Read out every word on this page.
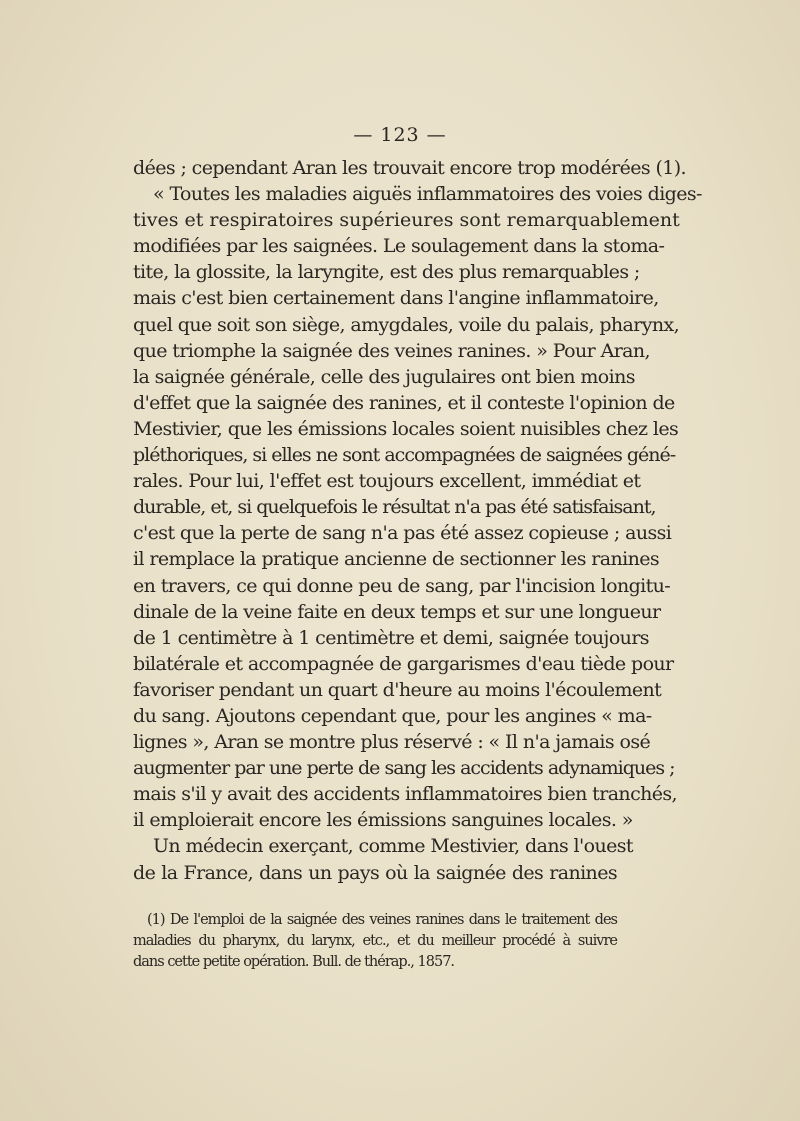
— 123 —
dées ; cependant Aran les trouvait encore trop modérées (1).
« Toutes les maladies aiguës inflammatoires des voies diges-
tives et respiratoires supérieures sont remarquablement
modifiées par les saignées. Le soulagement dans la stoma-
tite, la glossite, la laryngite, est des plus remarquables ;
mais c'est bien certainement dans l'angine inflammatoire,
quel que soit son siège, amygdales, voile du palais, pharynx,
que triomphe la saignée des veines ranines. » Pour Aran,
la saignée générale, celle des jugulaires ont bien moins
d'effet que la saignée des ranines, et il conteste l'opinion de
Mestivier, que les émissions locales soient nuisibles chez les
pléthoriques, si elles ne sont accompagnées de saignées géné-
rales. Pour lui, l'effet est toujours excellent, immédiat et
durable, et, si quelquefois le résultat n'a pas été satisfaisant,
c'est que la perte de sang n'a pas été assez copieuse ; aussi
il remplace la pratique ancienne de sectionner les ranines
en travers, ce qui donne peu de sang, par l'incision longitu-
dinale de la veine faite en deux temps et sur une longueur
de 1 centimètre à 1 centimètre et demi, saignée toujours
bilatérale et accompagnée de gargarismes d'eau tiède pour
favoriser pendant un quart d'heure au moins l'écoulement
du sang. Ajoutons cependant que, pour les angines « ma-
lignes », Aran se montre plus réservé : « Il n'a jamais osé
augmenter par une perte de sang les accidents adynamiques ;
mais s'il y avait des accidents inflammatoires bien tranchés,
il emploierait encore les émissions sanguines locales. »
Un médecin exerçant, comme Mestivier, dans l'ouest
de la France, dans un pays où la saignée des ranines
(1) De l'emploi de la saignée des veines ranines dans le traitement des
maladies du pharynx, du larynx, etc., et du meilleur procédé à suivre
dans cette petite opération. Bull. de thérap., 1857.
